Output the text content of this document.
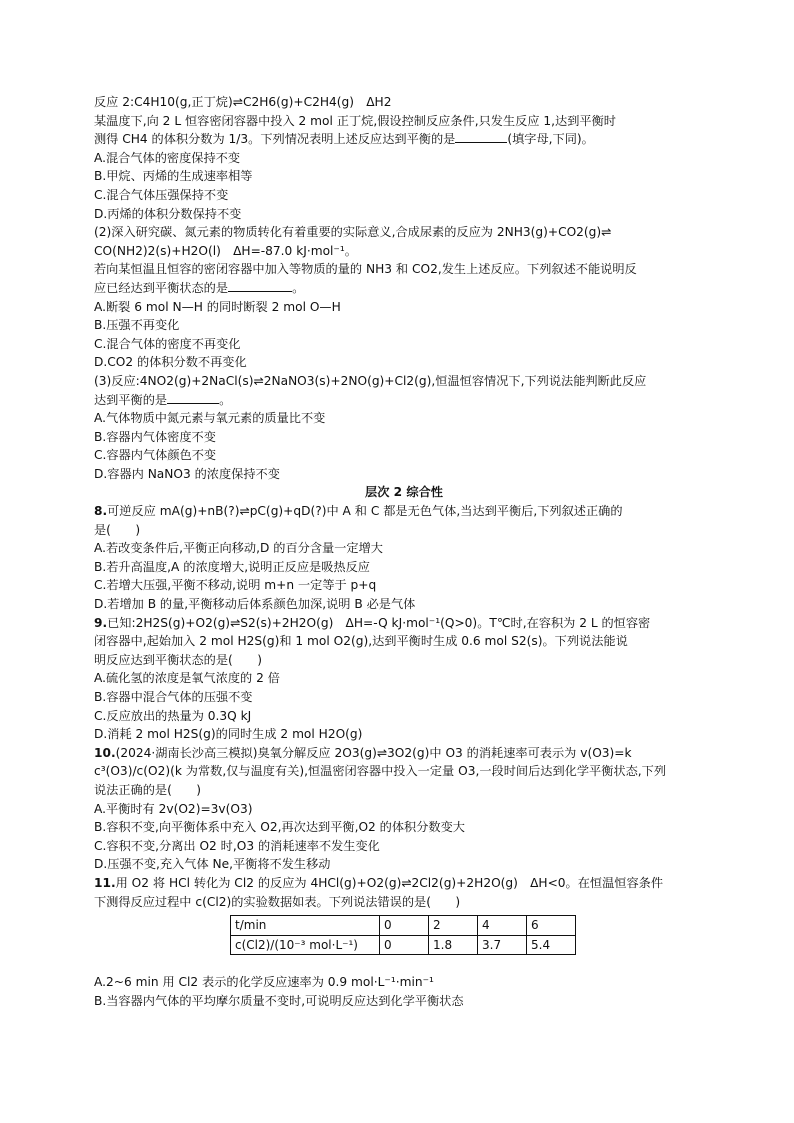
反应 2:C4H10(g,正丁烷)⇌C2H6(g)+C2H4(g)　ΔH2
某温度下,向 2 L 恒容密闭容器中投入 2 mol 正丁烷,假设控制反应条件,只发生反应 1,达到平衡时
测得 CH4 的体积分数为 1/3。下列情况表明上述反应达到平衡的是	(填字母,下同)。
A.混合气体的密度保持不变
B.甲烷、丙烯的生成速率相等
C.混合气体压强保持不变
D.丙烯的体积分数保持不变
(2)深入研究碳、氮元素的物质转化有着重要的实际意义,合成尿素的反应为 2NH3(g)+CO2(g)⇌
CO(NH2)2(s)+H2O(l)　ΔH=-87.0 kJ·mol⁻¹。
若向某恒温且恒容的密闭容器中加入等物质的量的 NH3 和 CO2,发生上述反应。下列叙述不能说明反
应已经达到平衡状态的是	。
A.断裂 6 mol N—H 的同时断裂 2 mol O—H
B.压强不再变化
C.混合气体的密度不再变化
D.CO2 的体积分数不再变化
(3)反应:4NO2(g)+2NaCl(s)⇌2NaNO3(s)+2NO(g)+Cl2(g),恒温恒容情况下,下列说法能判断此反应
达到平衡的是	。
A.气体物质中氮元素与氧元素的质量比不变
B.容器内气体密度不变
C.容器内气体颜色不变
D.容器内 NaNO3 的浓度保持不变
层次 2 综合性
8.可逆反应 mA(g)+nB(?)⇌pC(g)+qD(?)中 A 和 C 都是无色气体,当达到平衡后,下列叙述正确的
是(　　)
A.若改变条件后,平衡正向移动,D 的百分含量一定增大
B.若升高温度,A 的浓度增大,说明正反应是吸热反应
C.若增大压强,平衡不移动,说明 m+n 一定等于 p+q
D.若增加 B 的量,平衡移动后体系颜色加深,说明 B 必是气体
9.已知:2H2S(g)+O2(g)⇌S2(s)+2H2O(g)　ΔH=-Q kJ·mol⁻¹(Q>0)。T℃时,在容积为 2 L 的恒容密
闭容器中,起始加入 2 mol H2S(g)和 1 mol O2(g),达到平衡时生成 0.6 mol S2(s)。下列说法能说
明反应达到平衡状态的是(　　)
A.硫化氢的浓度是氧气浓度的 2 倍
B.容器中混合气体的压强不变
C.反应放出的热量为 0.3Q kJ
D.消耗 2 mol H2S(g)的同时生成 2 mol H2O(g)
10.(2024·湖南长沙高三模拟)臭氧分解反应 2O3(g)⇌3O2(g)中 O3 的消耗速率可表示为 v(O3)=k
c³(O3)/c(O2)(k 为常数,仅与温度有关),恒温密闭容器中投入一定量 O3,一段时间后达到化学平衡状态,下列
说法正确的是(　　)
A.平衡时有 2v(O2)=3v(O3)
B.容积不变,向平衡体系中充入 O2,再次达到平衡,O2 的体积分数变大
C.容积不变,分离出 O2 时,O3 的消耗速率不发生变化
D.压强不变,充入气体 Ne,平衡将不发生移动
11.用 O2 将 HCl 转化为 Cl2 的反应为 4HCl(g)+O2(g)⇌2Cl2(g)+2H2O(g)　ΔH<0。在恒温恒容条件
下测得反应过程中 c(Cl2)的实验数据如表。下列说法错误的是(　　)
t/min	0	2	4	6
c(Cl2)/(10⁻³ mol·L⁻¹)	0	1.8	3.7	5.4
A.2~6 min 用 Cl2 表示的化学反应速率为 0.9 mol·L⁻¹·min⁻¹
B.当容器内气体的平均摩尔质量不变时,可说明反应达到化学平衡状态
